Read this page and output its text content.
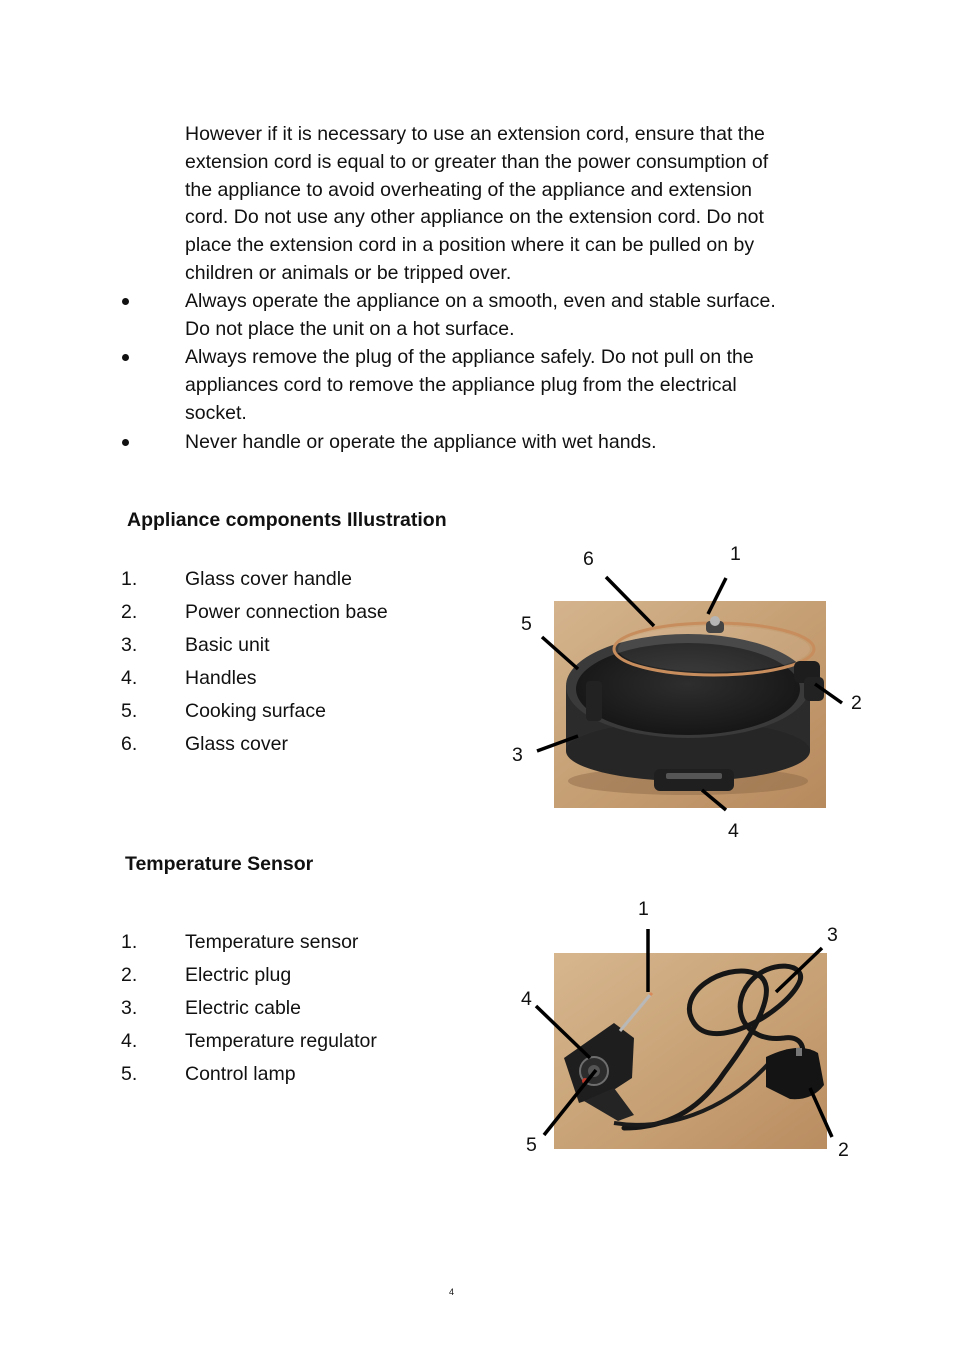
However if it is necessary to use an extension cord, ensure that the
extension cord is equal to or greater than the power consumption of
the appliance to avoid overheating of the appliance and extension
cord. Do not use any other appliance on the extension cord. Do not
place the extension cord in a position where it can be pulled on by
children or animals or be tripped over.
Always operate the appliance on a smooth, even and stable surface.
Do not place the unit on a hot surface.
Always remove the plug of the appliance safely. Do not pull on the
appliances cord to remove the appliance plug from the electrical
socket.
Never handle or operate the appliance with wet hands.
Appliance components Illustration
1. Glass cover handle
2. Power connection base
3. Basic unit
4. Handles
5. Cooking surface
6. Glass cover
6	1
5
2
3
4
Temperature Sensor
1. Temperature sensor
2. Electric plug
3. Electric cable
4. Temperature regulator
5. Control lamp
1
3
4
5	2
4
